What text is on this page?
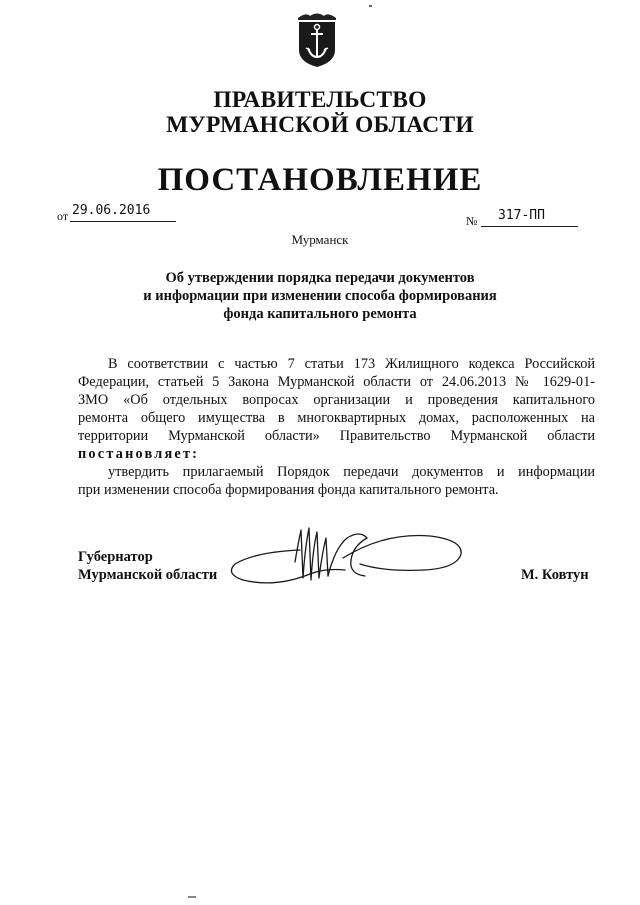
ПРАВИТЕЛЬСТВО
МУРМАНСКОЙ ОБЛАСТИ
ПОСТАНОВЛЕНИЕ
от 29.06.2016
№ 317-ПП
Мурманск
Об утверждении порядка передачи документов
и информации при изменении способа формирования
фонда капитального ремонта
В соответствии с частью 7 статьи 173 Жилищного кодекса Российской
Федерации, статьей 5 Закона Мурманской области от 24.06.2013 № 1629-01-
ЗМО «Об отдельных вопросах организации и проведения капитального
ремонта общего имущества в многоквартирных домах, расположенных на
территории Мурманской области» Правительство Мурманской области
постановляет:
утвердить прилагаемый Порядок передачи документов и информации
при изменении способа формирования фонда капитального ремонта.
Губернатор
Мурманской области	М. Ковтун
